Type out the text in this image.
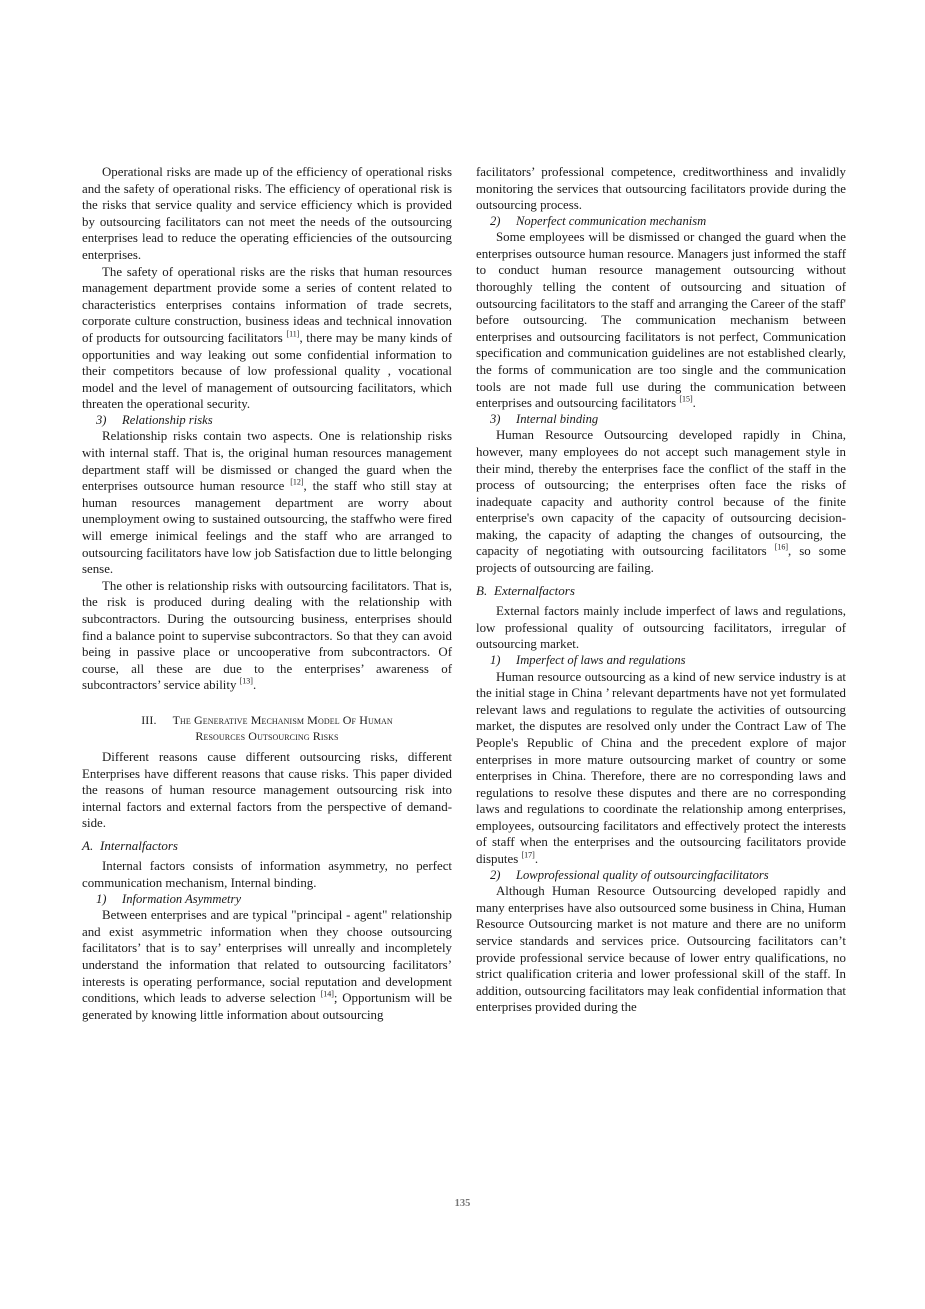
Operational risks are made up of the efficiency of operational risks and the safety of operational risks. The efficiency of operational risk is the risks that service quality and service efficiency which is provided by outsourcing facilitators can not meet the needs of the outsourcing enterprises lead to reduce the operating efficiencies of the outsourcing enterprises.

The safety of operational risks are the risks that human resources management department provide some a series of content related to characteristics enterprises contains information of trade secrets, corporate culture construction, business ideas and technical innovation of products for outsourcing facilitators [11], there may be many kinds of opportunities and way leaking out some confidential information to their competitors because of low professional quality , vocational model and the level of management of outsourcing facilitators, which threaten the operational security.

3) Relationship risks

Relationship risks contain two aspects. One is relationship risks with internal staff. That is, the original human resources management department staff will be dismissed or changed the guard when the enterprises outsource human resource [12], the staff who still stay at human resources management department are worry about unemployment owing to sustained outsourcing, the staffwho were fired will emerge inimical feelings and the staff who are arranged to outsourcing facilitators have low job Satisfaction due to little belonging sense.

The other is relationship risks with outsourcing facilitators. That is, the risk is produced during dealing with the relationship with subcontractors. During the outsourcing business, enterprises should find a balance point to supervise subcontractors. So that they can avoid being in passive place or uncooperative from subcontractors. Of course, all these are due to the enterprises’ awareness of subcontractors’ service ability [13].

III. The Generative Mechanism Model Of Human
Resources Outsourcing Risks

Different reasons cause different outsourcing risks, different Enterprises have different reasons that cause risks. This paper divided the reasons of human resource management outsourcing risk into internal factors and external factors from the perspective of demand-side.

A. Internalfactors

Internal factors consists of information asymmetry, no perfect communication mechanism, Internal binding.

1) Information Asymmetry

Between enterprises and are typical "principal - agent" relationship and exist asymmetric information when they choose outsourcing facilitators’ that is to say’ enterprises will unreally and incompletely understand the information that related to outsourcing facilitators’ interests is operating performance, social reputation and development conditions, which leads to adverse selection [14]; Opportunism will be generated by knowing little information about outsourcing

facilitators’ professional competence, creditworthiness and invalidly monitoring the services that outsourcing facilitators provide during the outsourcing process.

2) Noperfect communication mechanism

Some employees will be dismissed or changed the guard when the enterprises outsource human resource. Managers just informed the staff to conduct human resource management outsourcing without thoroughly telling the content of outsourcing and situation of outsourcing facilitators to the staff and arranging the Career of the staff' before outsourcing. The communication mechanism between enterprises and outsourcing facilitators is not perfect, Communication specification and communication guidelines are not established clearly, the forms of communication are too single and the communication tools are not made full use during the communication between enterprises and outsourcing facilitators [15].

3) Internal binding

Human Resource Outsourcing developed rapidly in China, however, many employees do not accept such management style in their mind, thereby the enterprises face the conflict of the staff in the process of outsourcing; the enterprises often face the risks of inadequate capacity and authority control because of the finite enterprise's own capacity of the capacity of outsourcing decision-making, the capacity of adapting the changes of outsourcing, the capacity of negotiating with outsourcing facilitators [16], so some projects of outsourcing are failing.

B. Externalfactors

External factors mainly include imperfect of laws and regulations, low professional quality of outsourcing facilitators, irregular of outsourcing market.

1) Imperfect of laws and regulations

Human resource outsourcing as a kind of new service industry is at the initial stage in China ’ relevant departments have not yet formulated relevant laws and regulations to regulate the activities of outsourcing market, the disputes are resolved only under the Contract Law of The People's Republic of China and the precedent explore of major enterprises in more mature outsourcing market of country or some enterprises in China. Therefore, there are no corresponding laws and regulations to resolve these disputes and there are no corresponding laws and regulations to coordinate the relationship among enterprises, employees, outsourcing facilitators and effectively protect the interests of staff when the enterprises and the outsourcing facilitators provide disputes [17].

2) Lowprofessional quality of outsourcingfacilitators

Although Human Resource Outsourcing developed rapidly and many enterprises have also outsourced some business in China, Human Resource Outsourcing market is not mature and there are no uniform service standards and services price. Outsourcing facilitators can’t provide professional service because of lower entry qualifications, no strict qualification criteria and lower professional skill of the staff. In addition, outsourcing facilitators may leak confidential information that enterprises provided during the

135
